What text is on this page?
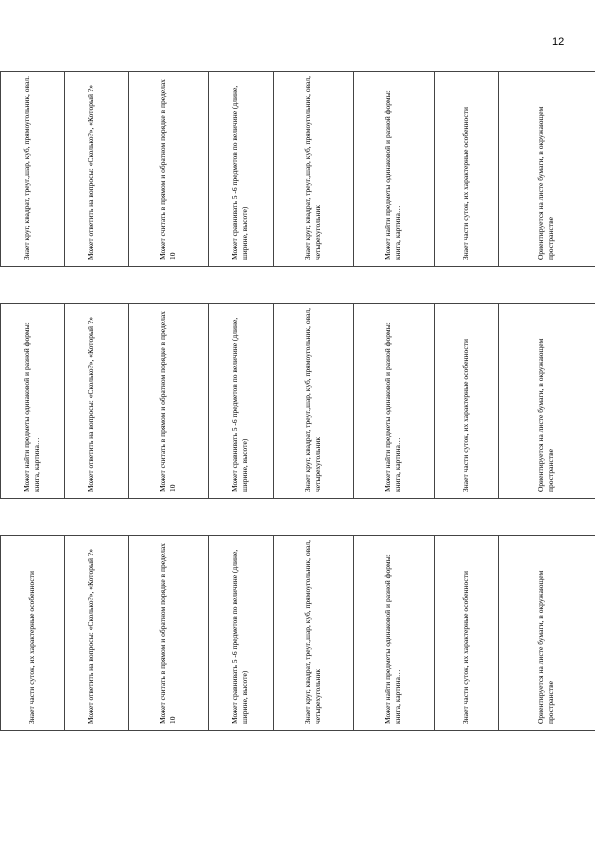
12
Знает круг, квадрат, треуг.,шар, куб, прямоугольник, овал.	Может ответить на вопросы: «Сколько?», «Который ?»	Может считать в прямом и обратном порядке в пределах 10	Может сравнивать 5 -6 предметов по величине (длине, ширине, высоте)	Знает круг, квадрат, треуг.,шар, куб, прямоугольник, овал, четырехугольник	Может найти предметы одинаковой и разной формы: книга, картина…	Знает части суток, их характерные особенности	Ориентируется на листе бумаги, в окружающем пространстве
Может найти предметы одинаковой и разной формы: книга, картина…	Может ответить на вопросы: «Сколько?», «Который ?»	Может считать в прямом и обратном порядке в пределах 10	Может сравнивать 5 -6 предметов по величине (длине, ширине, высоте)	Знает круг, квадрат, треуг.,шар, куб, прямоугольник, овал, четырехугольник	Может найти предметы одинаковой и разной формы: книга, картина…	Знает части суток, их характерные особенности	Ориентируется на листе бумаги, в окружающем пространстве
Знает части суток, их характерные особенности	Может ответить на вопросы: «Сколько?», «Который ?»	Может считать в прямом и обратном порядке в пределах 10	Может сравнивать 5 -6 предметов по величине (длине, ширине, высоте)	Знает круг, квадрат, треуг.,шар, куб, прямоугольник, овал, четырехугольник	Может найти предметы одинаковой и разной формы: книга, картина…	Знает части суток, их характерные особенности	Ориентируется на листе бумаги, в окружающем пространстве
